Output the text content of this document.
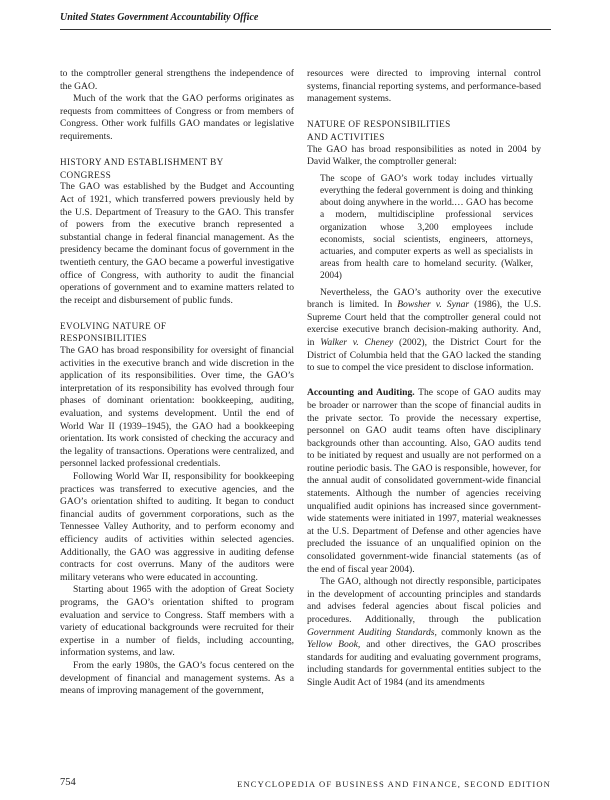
United States Government Accountability Office

to the comptroller general strengthens the independence of the GAO.

Much of the work that the GAO performs originates as requests from committees of Congress or from members of Congress. Other work fulfills GAO mandates or legislative requirements.

HISTORY AND ESTABLISHMENT BY
CONGRESS

The GAO was established by the Budget and Accounting Act of 1921, which transferred powers previously held by the U.S. Department of Treasury to the GAO. This transfer of powers from the executive branch represented a substantial change in federal financial management. As the presidency became the dominant focus of government in the twentieth century, the GAO became a powerful investigative office of Congress, with authority to audit the financial operations of government and to examine matters related to the receipt and disbursement of public funds.

EVOLVING NATURE OF
RESPONSIBILITIES

The GAO has broad responsibility for oversight of financial activities in the executive branch and wide discretion in the application of its responsibilities. Over time, the GAO’s interpretation of its responsibility has evolved through four phases of dominant orientation: bookkeeping, auditing, evaluation, and systems development. Until the end of World War II (1939–1945), the GAO had a bookkeeping orientation. Its work consisted of checking the accuracy and the legality of transactions. Operations were centralized, and personnel lacked professional credentials.

Following World War II, responsibility for bookkeeping practices was transferred to executive agencies, and the GAO’s orientation shifted to auditing. It began to conduct financial audits of government corporations, such as the Tennessee Valley Authority, and to perform economy and efficiency audits of activities within selected agencies. Additionally, the GAO was aggressive in auditing defense contracts for cost overruns. Many of the auditors were military veterans who were educated in accounting.

Starting about 1965 with the adoption of Great Society programs, the GAO’s orientation shifted to program evaluation and service to Congress. Staff members with a variety of educational backgrounds were recruited for their expertise in a number of fields, including accounting, information systems, and law.

From the early 1980s, the GAO’s focus centered on the development of financial and management systems. As a means of improving management of the government,

resources were directed to improving internal control systems, financial reporting systems, and performance-based management systems.

NATURE OF RESPONSIBILITIES
AND ACTIVITIES

The GAO has broad responsibilities as noted in 2004 by David Walker, the comptroller general:

The scope of GAO’s work today includes virtually everything the federal government is doing and thinking about doing anywhere in the world.… GAO has become a modern, multidiscipline professional services organization whose 3,200 employees include economists, social scientists, engineers, attorneys, actuaries, and computer experts as well as specialists in areas from health care to homeland security. (Walker, 2004)

Nevertheless, the GAO’s authority over the executive branch is limited. In Bowsher v. Synar (1986), the U.S. Supreme Court held that the comptroller general could not exercise executive branch decision-making authority. And, in Walker v. Cheney (2002), the District Court for the District of Columbia held that the GAO lacked the standing to sue to compel the vice president to disclose information.

Accounting and Auditing. The scope of GAO audits may be broader or narrower than the scope of financial audits in the private sector. To provide the necessary expertise, personnel on GAO audit teams often have disciplinary backgrounds other than accounting. Also, GAO audits tend to be initiated by request and usually are not performed on a routine periodic basis. The GAO is responsible, however, for the annual audit of consolidated government-wide financial statements. Although the number of agencies receiving unqualified audit opinions has increased since government-wide statements were initiated in 1997, material weaknesses at the U.S. Department of Defense and other agencies have precluded the issuance of an unqualified opinion on the consolidated government-wide financial statements (as of the end of fiscal year 2004).

The GAO, although not directly responsible, participates in the development of accounting principles and standards and advises federal agencies about fiscal policies and procedures. Additionally, through the publication Government Auditing Standards, commonly known as the Yellow Book, and other directives, the GAO proscribes standards for auditing and evaluating government programs, including standards for governmental entities subject to the Single Audit Act of 1984 (and its amendments

754	ENCYCLOPEDIA OF BUSINESS AND FINANCE, SECOND EDITION
